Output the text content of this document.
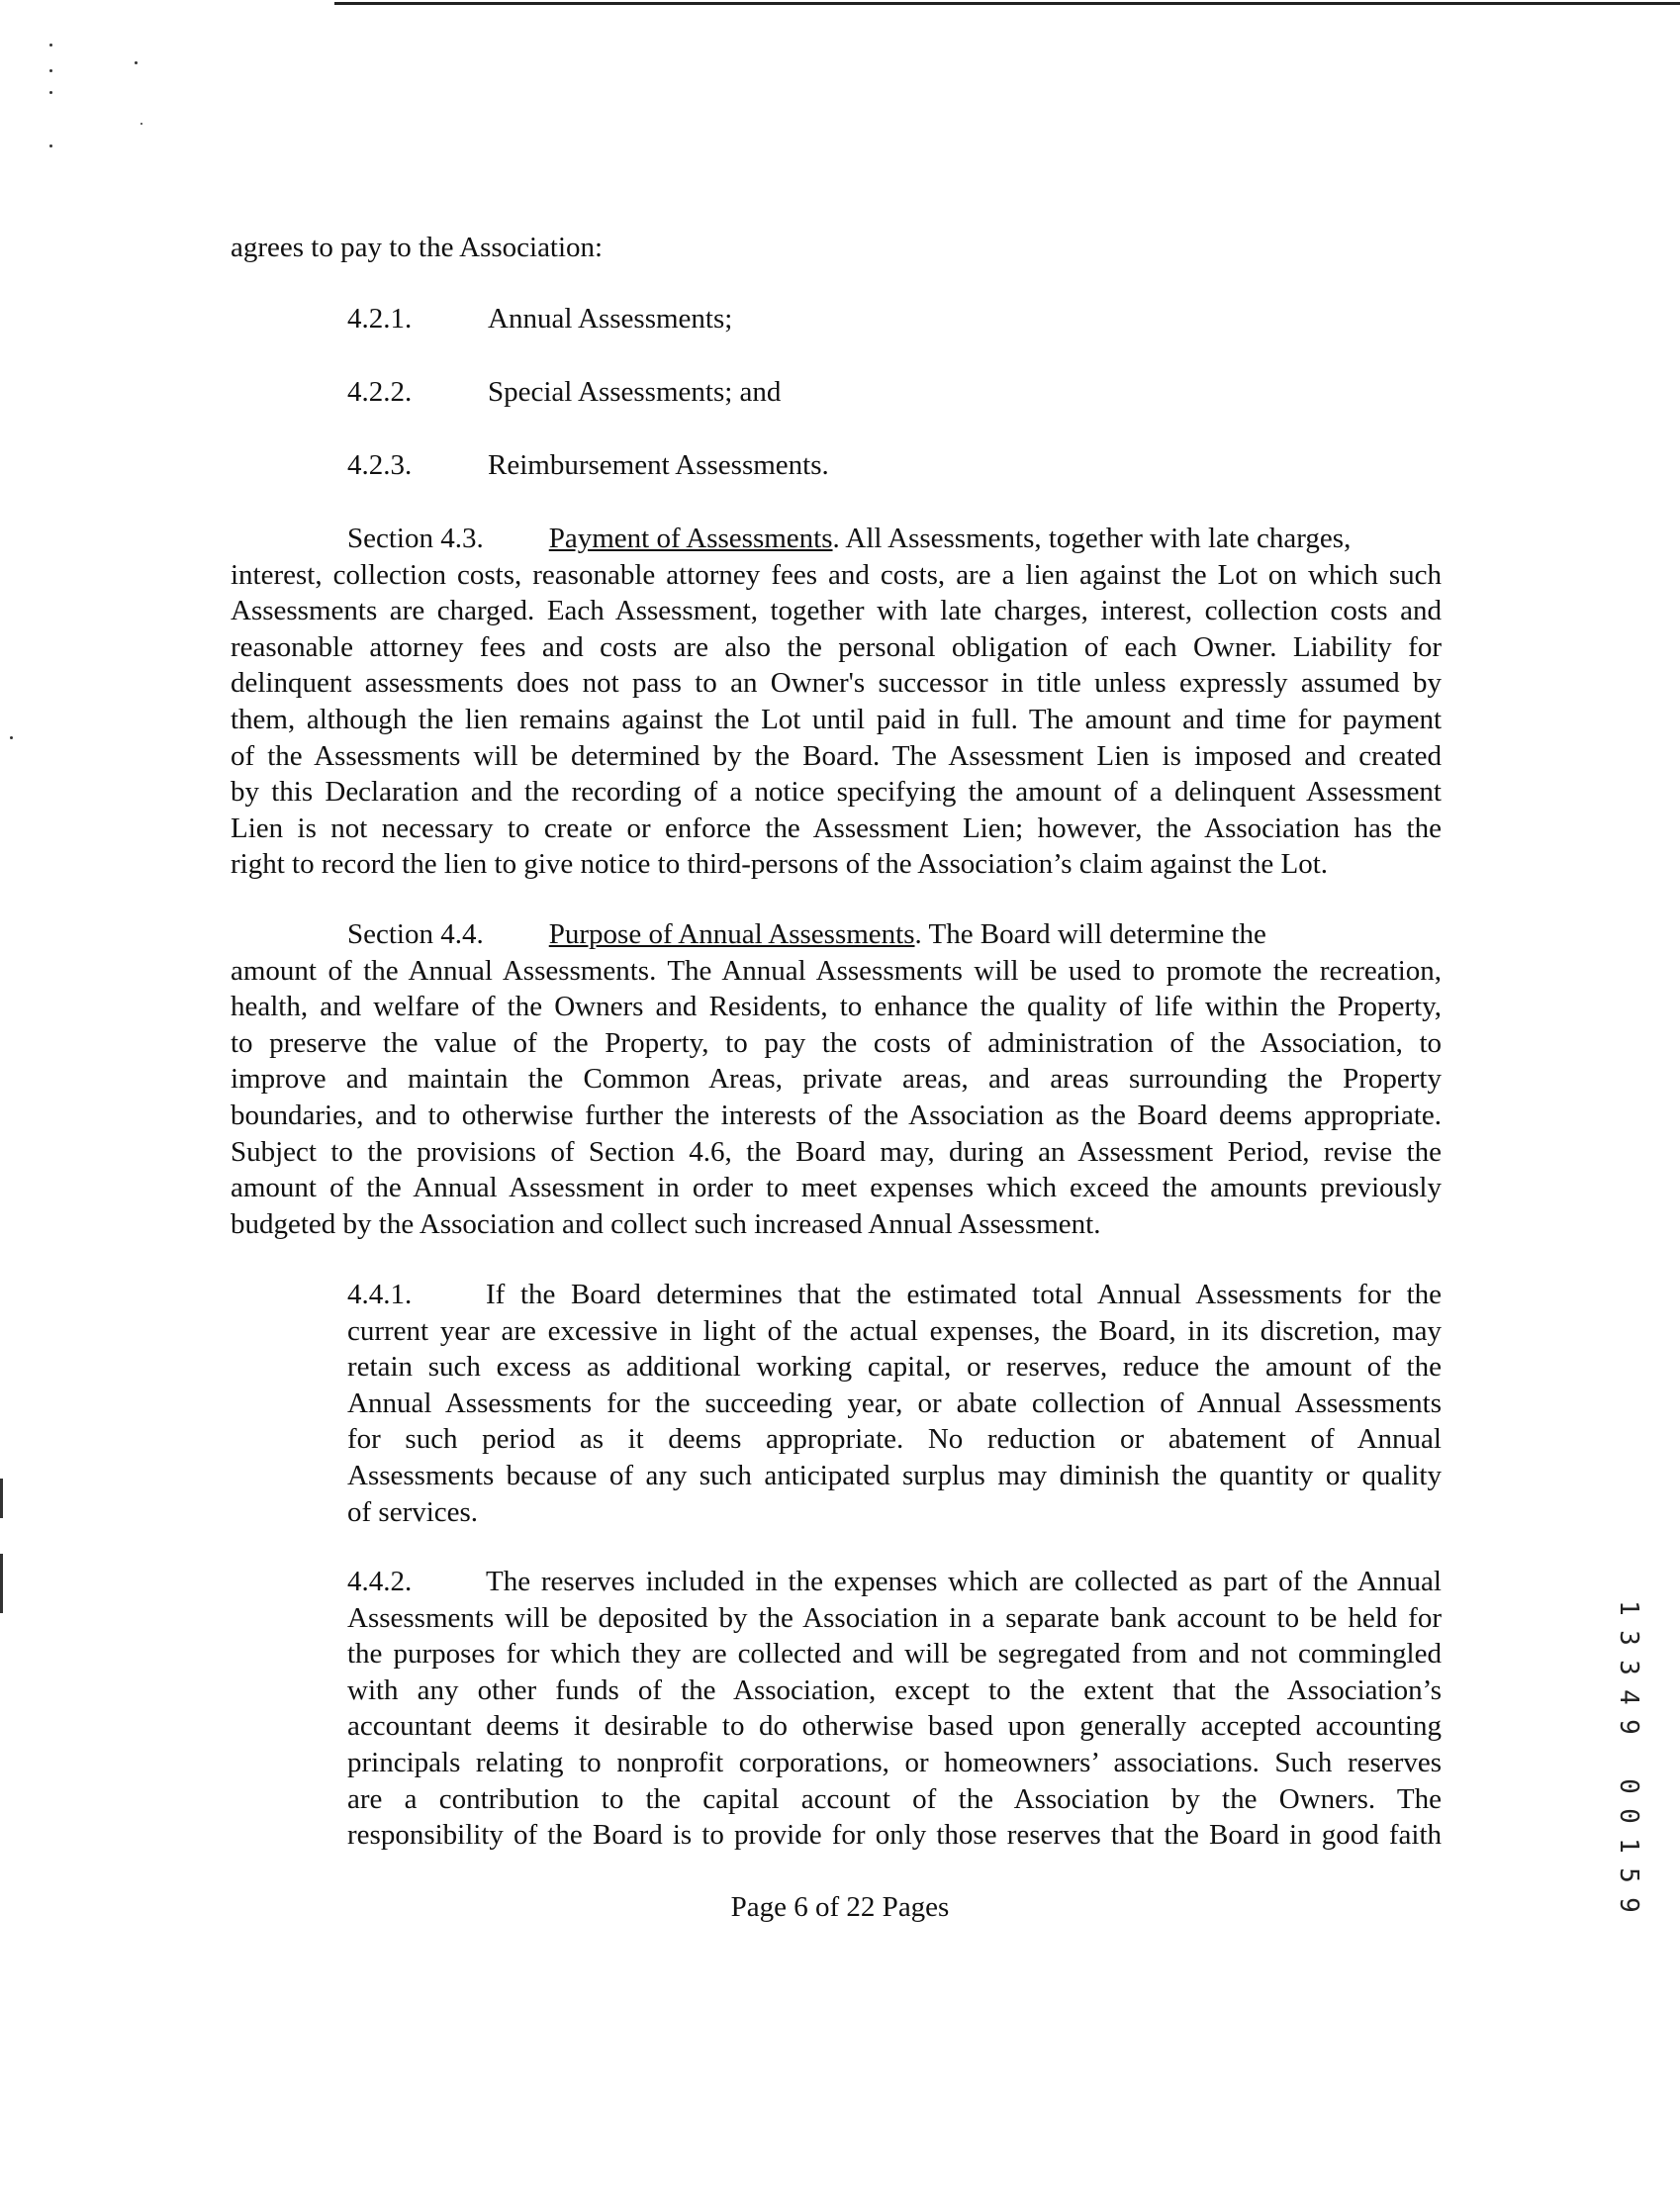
agrees to pay to the Association:

4.2.1.	Annual Assessments;
4.2.2.	Special Assessments; and
4.2.3.	Reimbursement Assessments.

Section 4.3. Payment of Assessments. All Assessments, together with late charges,

interest, collection costs, reasonable attorney fees and costs, are a lien against the Lot on which such

Assessments are charged. Each Assessment, together with late charges, interest, collection costs and

reasonable attorney fees and costs are also the personal obligation of each Owner. Liability for

delinquent assessments does not pass to an Owner's successor in title unless expressly assumed by

them, although the lien remains against the Lot until paid in full. The amount and time for payment

of the Assessments will be determined by the Board. The Assessment Lien is imposed and created

by this Declaration and the recording of a notice specifying the amount of a delinquent Assessment

Lien is not necessary to create or enforce the Assessment Lien; however, the Association has the

right to record the lien to give notice to third-persons of the Association’s claim against the Lot.

Section 4.4. Purpose of Annual Assessments. The Board will determine the

amount of the Annual Assessments. The Annual Assessments will be used to promote the recreation,

health, and welfare of the Owners and Residents, to enhance the quality of life within the Property,

to preserve the value of the Property, to pay the costs of administration of the Association, to

improve and maintain the Common Areas, private areas, and areas surrounding the Property

boundaries, and to otherwise further the interests of the Association as the Board deems appropriate.

Subject to the provisions of Section 4.6, the Board may, during an Assessment Period, revise the

amount of the Annual Assessment in order to meet expenses which exceed the amounts previously

budgeted by the Association and collect such increased Annual Assessment.

4.4.1.	If the Board determines that the estimated total Annual Assessments for the

current year are excessive in light of the actual expenses, the Board, in its discretion, may

retain such excess as additional working capital, or reserves, reduce the amount of the

Annual Assessments for the succeeding year, or abate collection of Annual Assessments

for such period as it deems appropriate. No reduction or abatement of Annual

Assessments because of any such anticipated surplus may diminish the quantity or quality

of services.

4.4.2.	The reserves included in the expenses which are collected as part of the Annual

Assessments will be deposited by the Association in a separate bank account to be held for

the purposes for which they are collected and will be segregated from and not commingled

with any other funds of the Association, except to the extent that the Association’s

accountant deems it desirable to do otherwise based upon generally accepted accounting

principals relating to nonprofit corporations, or homeowners’ associations. Such reserves

are a contribution to the capital account of the Association by the Owners. The

responsibility of the Board is to provide for only those reserves that the Board in good faith

1
3
3
4
9
0
0
1
5
9
Page 6 of 22 Pages
